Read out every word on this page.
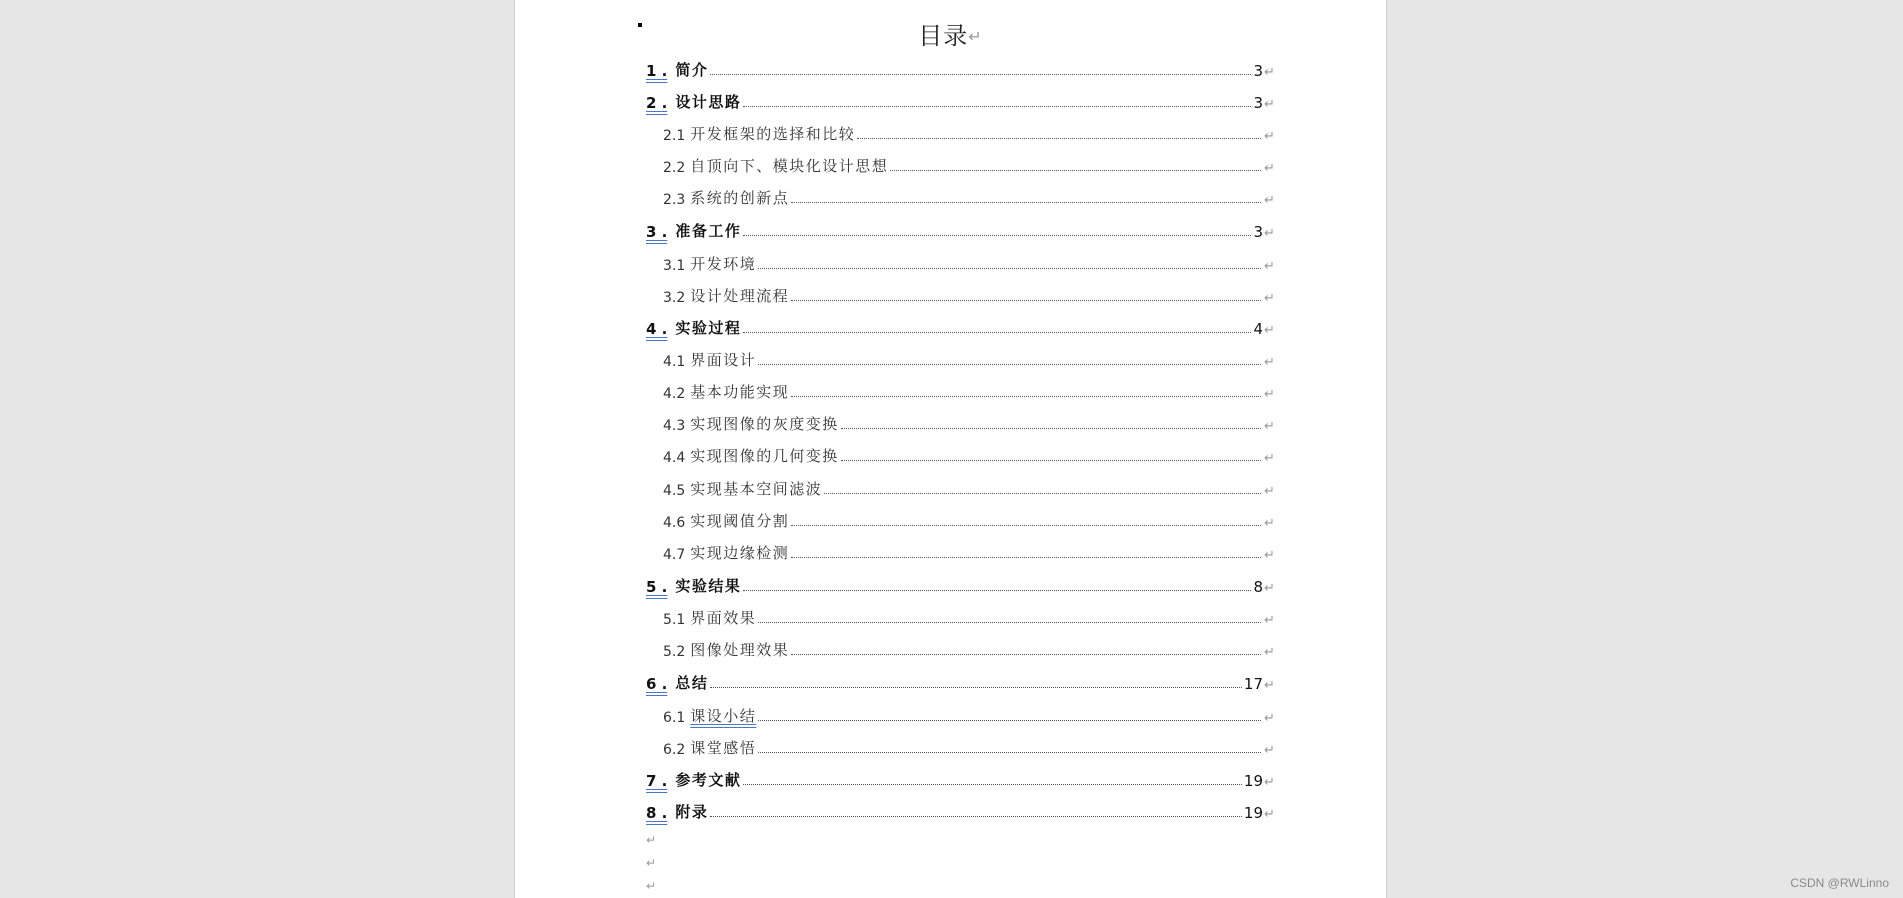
目录↵
1 . 简介	3 ↵
2 . 设计思路	3 ↵
2.1 开发框架的选择和比较	↵
2.2 自顶向下、模块化设计思想	↵
2.3 系统的创新点	↵
3 . 准备工作	3 ↵
3.1 开发环境	↵
3.2 设计处理流程	↵
4 . 实验过程	4 ↵
4.1 界面设计	↵
4.2 基本功能实现	↵
4.3 实现图像的灰度变换	↵
4.4 实现图像的几何变换	↵
4.5 实现基本空间滤波	↵
4.6 实现阈值分割	↵
4.7 实现边缘检测	↵
5 . 实验结果	8 ↵
5.1 界面效果	↵
5.2 图像处理效果	↵
6 . 总结	17 ↵
6.1 课设小结	↵
6.2 课堂感悟	↵
7 . 参考文献	19 ↵
8 . 附录	19 ↵
↵
↵
↵	CSDN @RWLinno
